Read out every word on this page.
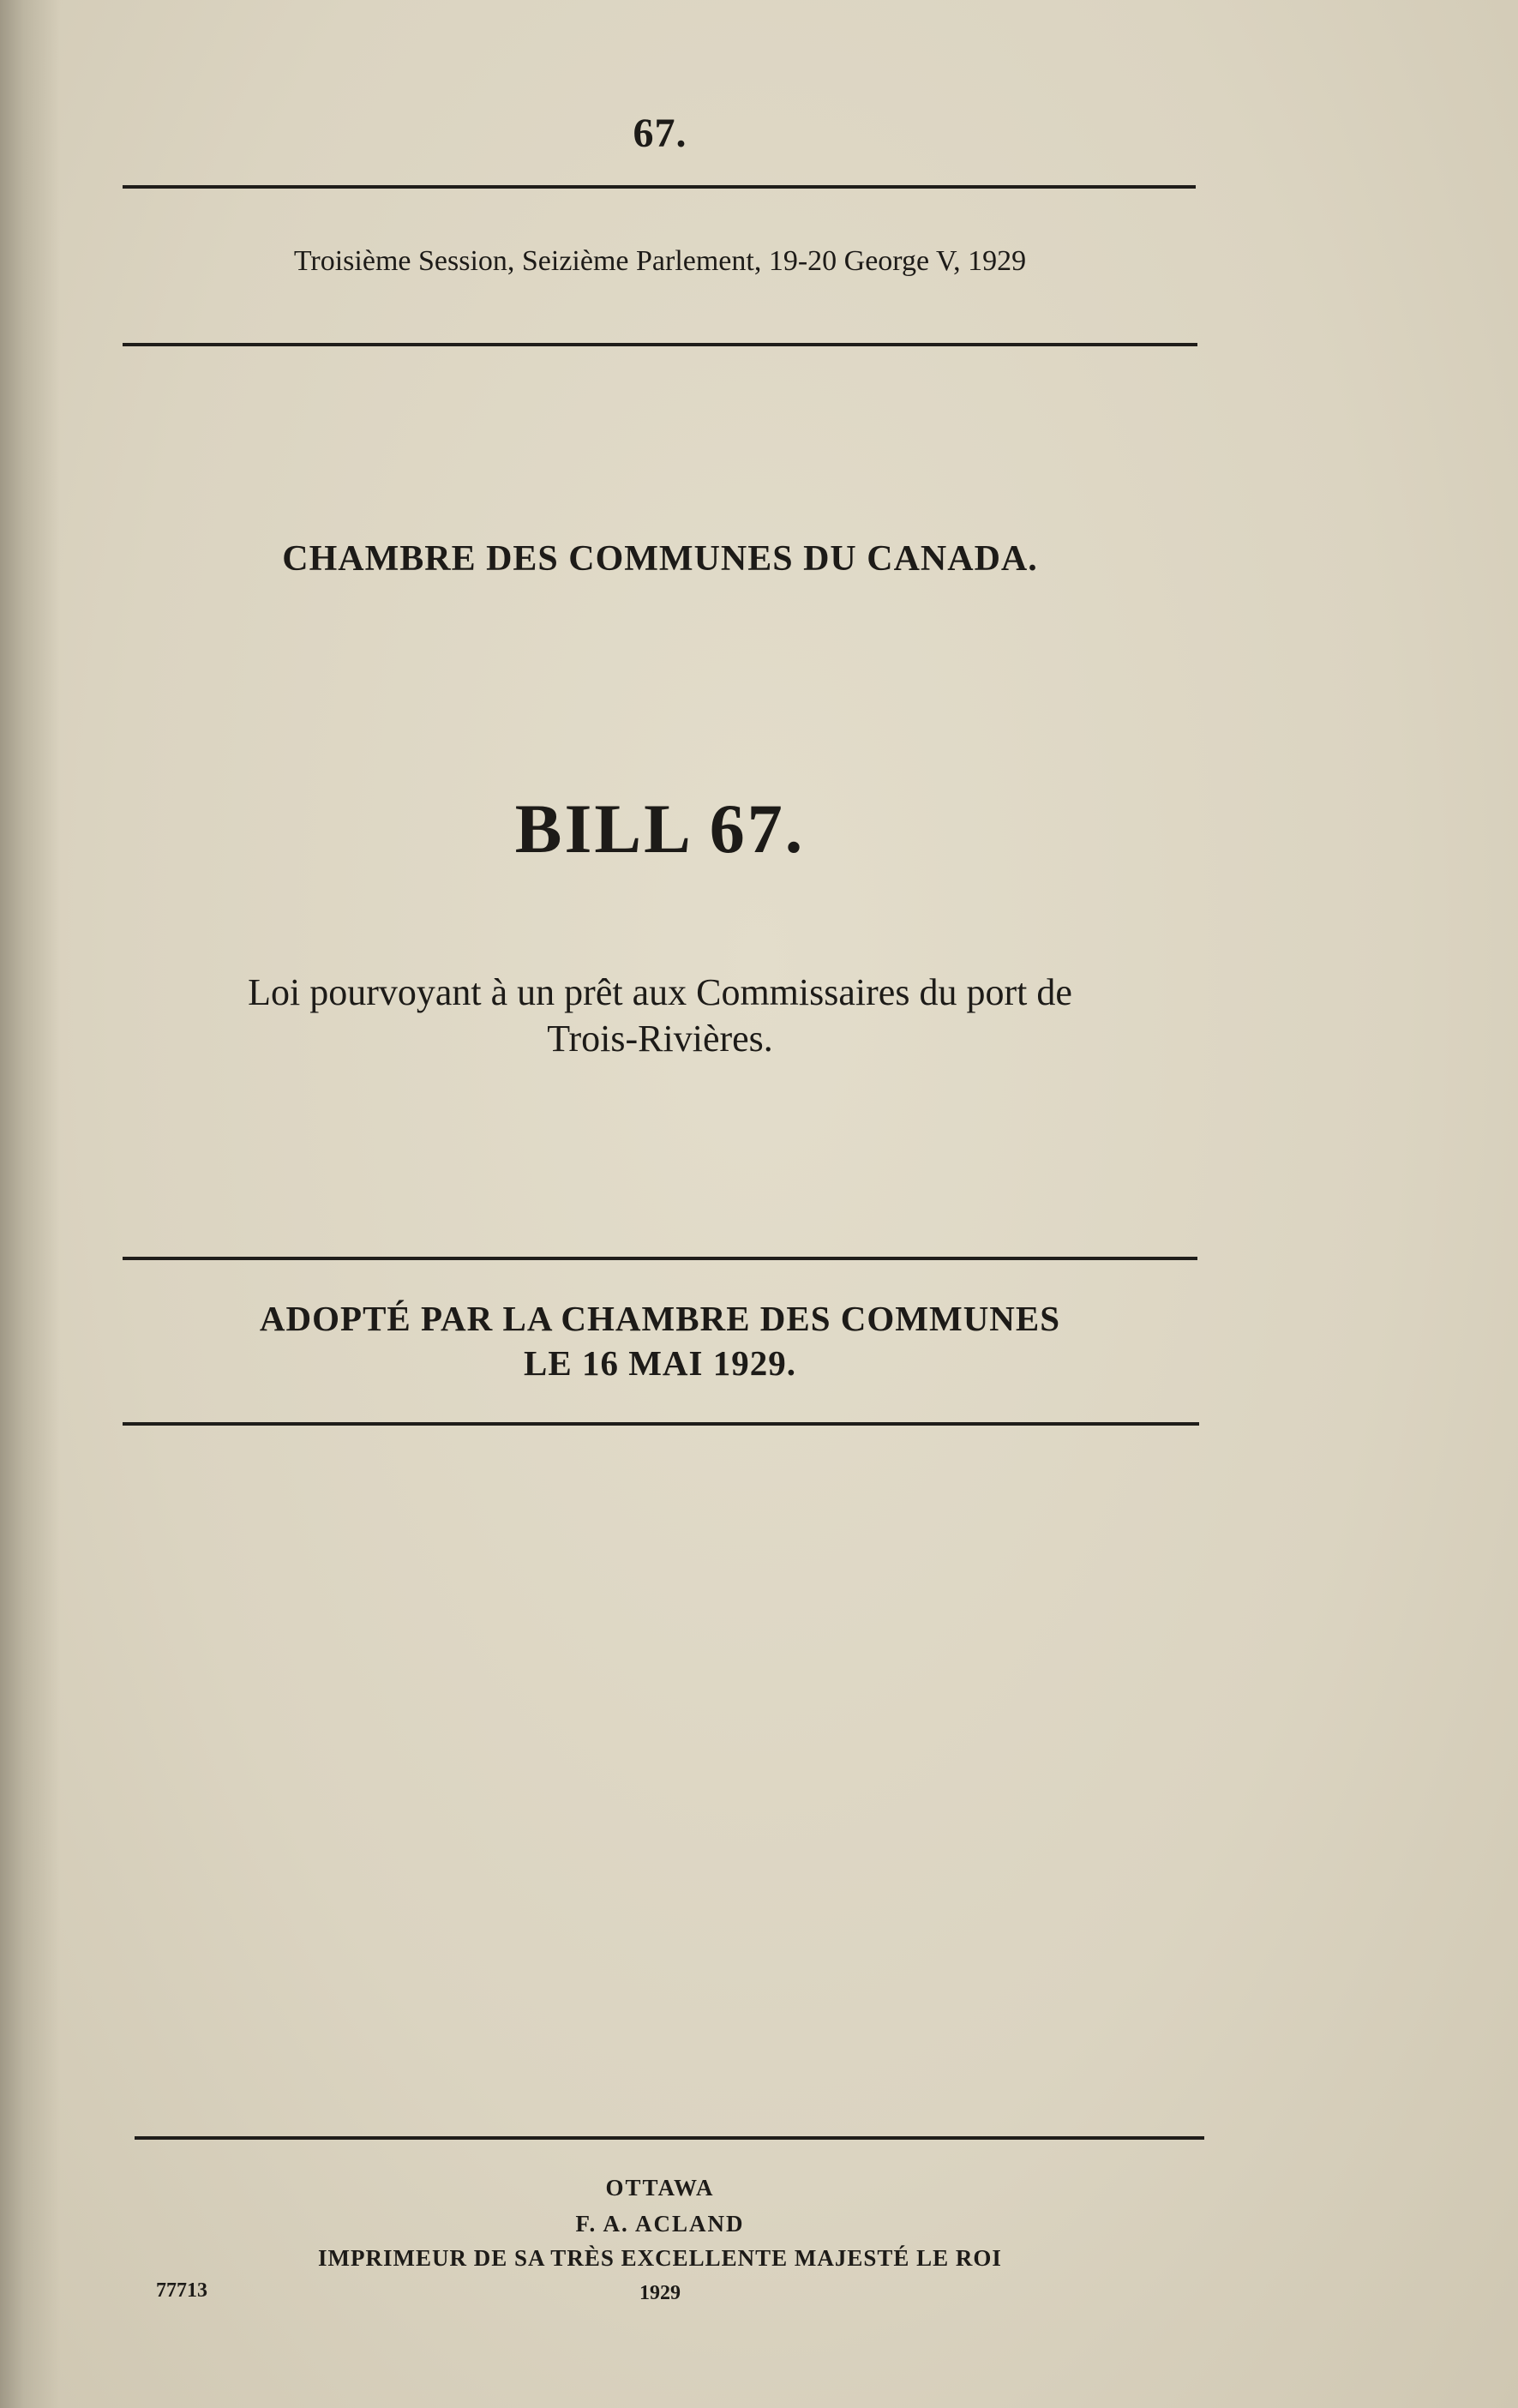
67.
Troisième Session, Seizième Parlement, 19-20 George V, 1929
CHAMBRE DES COMMUNES DU CANADA.
BILL 67.
Loi pourvoyant à un prêt aux Commissaires du port de
Trois-Rivières.
ADOPTÉ PAR LA CHAMBRE DES COMMUNES
LE 16 MAI 1929.
OTTAWA
F. A. ACLAND
IMPRIMEUR DE SA TRÈS EXCELLENTE MAJESTÉ LE ROI
77713	1929
